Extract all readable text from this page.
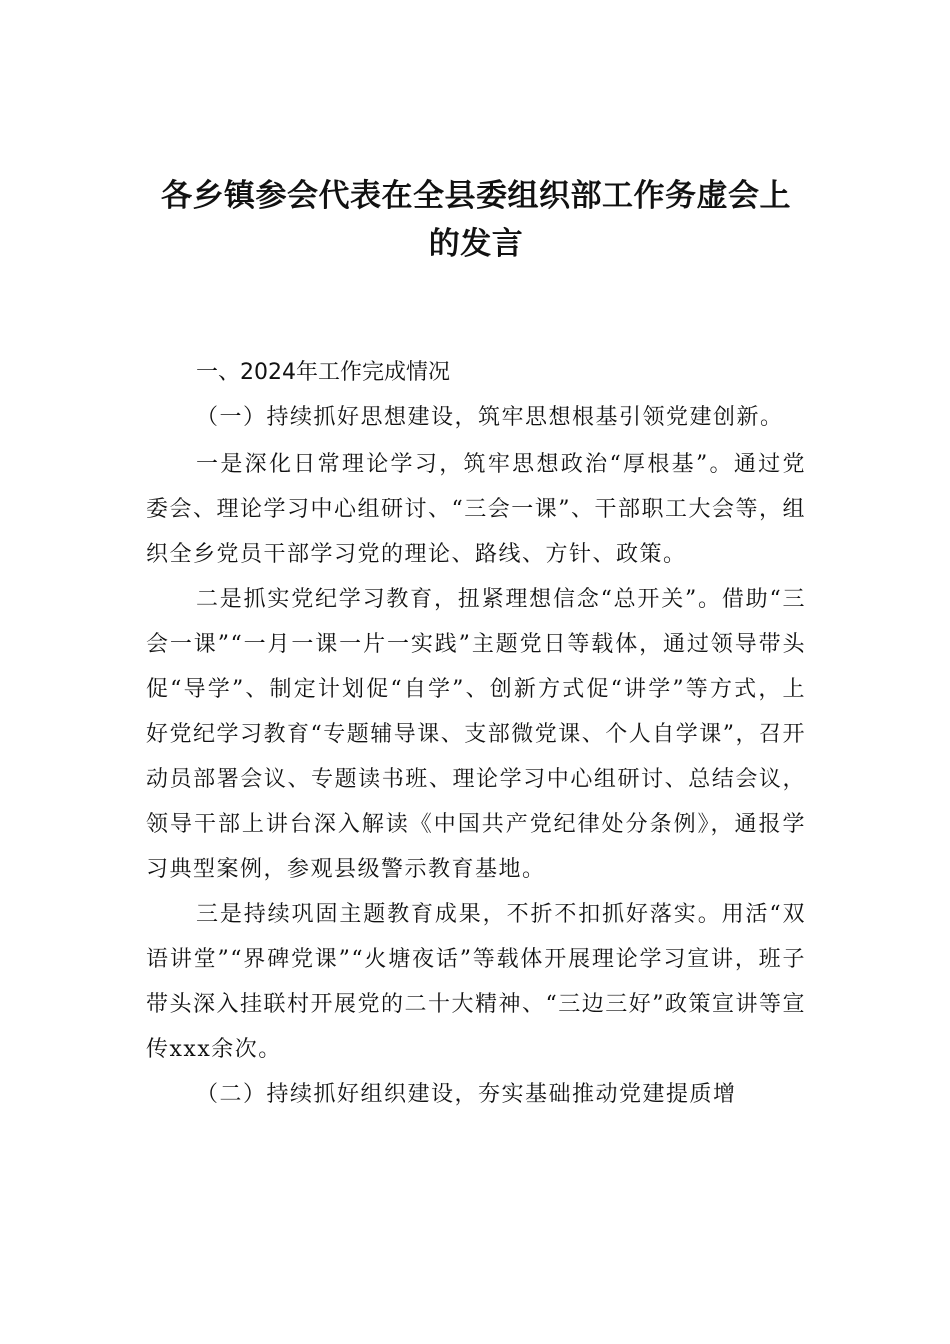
各乡镇参会代表在全县委组织部工作务虚会上的发言

一、2024年工作完成情况

（一）持续抓好思想建设，筑牢思想根基引领党建创新。

一是深化日常理论学习，筑牢思想政治“厚根基”。通过党委会、理论学习中心组研讨、“三会一课”、干部职工大会等，组织全乡党员干部学习党的理论、路线、方针、政策。

二是抓实党纪学习教育，扭紧理想信念“总开关”。借助“三会一课”“一月一课一片一实践”主题党日等载体，通过领导带头促“导学”、制定计划促“自学”、创新方式促“讲学”等方式，上好党纪学习教育“专题辅导课、支部微党课、个人自学课”，召开动员部署会议、专题读书班、理论学习中心组研讨、总结会议，领导干部上讲台深入解读《中国共产党纪律处分条例》，通报学习典型案例，参观县级警示教育基地。

三是持续巩固主题教育成果，不折不扣抓好落实。用活“双语讲堂”“界碑党课”“火塘夜话”等载体开展理论学习宣讲，班子带头深入挂联村开展党的二十大精神、“三边三好”政策宣讲等宣传xxx余次。

（二）持续抓好组织建设，夯实基础推动党建提质增
